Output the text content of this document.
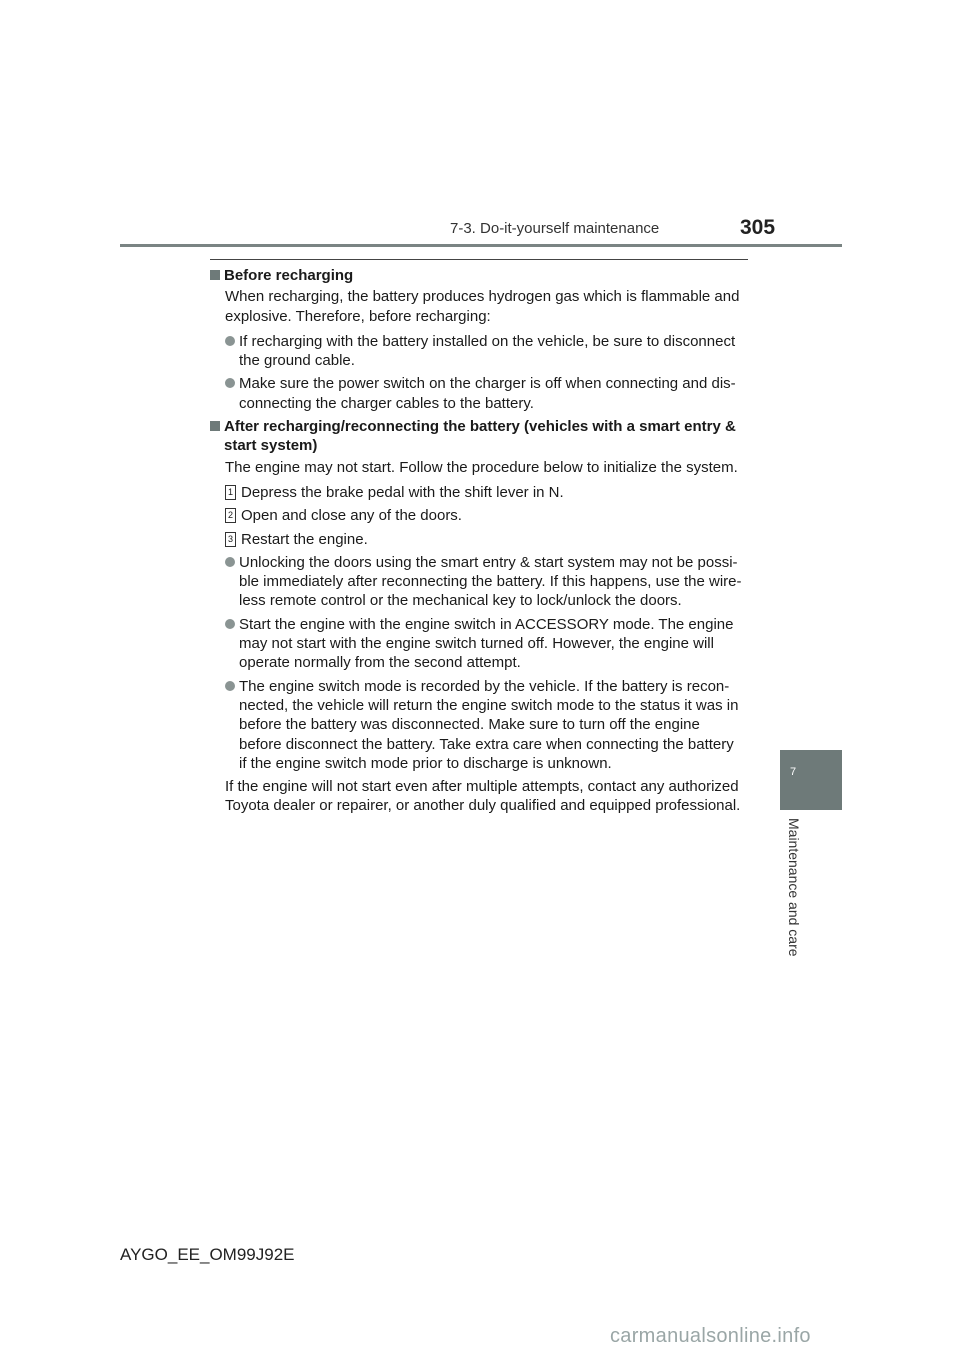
7-3. Do-it-yourself maintenance	305
7
Maintenance and care
Before recharging
When recharging, the battery produces hydrogen gas which is flammable and
explosive. Therefore, before recharging:
If recharging with the battery installed on the vehicle, be sure to disconnect
the ground cable.
Make sure the power switch on the charger is off when connecting and dis-
connecting the charger cables to the battery.
After recharging/reconnecting the battery (vehicles with a smart entry &
start system)
The engine may not start. Follow the procedure below to initialize the system.
1 Depress the brake pedal with the shift lever in N.
2 Open and close any of the doors.
3 Restart the engine.
Unlocking the doors using the smart entry & start system may not be possi-
ble immediately after reconnecting the battery. If this happens, use the wire-
less remote control or the mechanical key to lock/unlock the doors.
Start the engine with the engine switch in ACCESSORY mode. The engine
may not start with the engine switch turned off. However, the engine will
operate normally from the second attempt.
The engine switch mode is recorded by the vehicle. If the battery is recon-
nected, the vehicle will return the engine switch mode to the status it was in
before the battery was disconnected. Make sure to turn off the engine
before disconnect the battery. Take extra care when connecting the battery
if the engine switch mode prior to discharge is unknown.
If the engine will not start even after multiple attempts, contact any authorized
Toyota dealer or repairer, or another duly qualified and equipped professional.
AYGO_EE_OM99J92E
carmanualsonline.info
